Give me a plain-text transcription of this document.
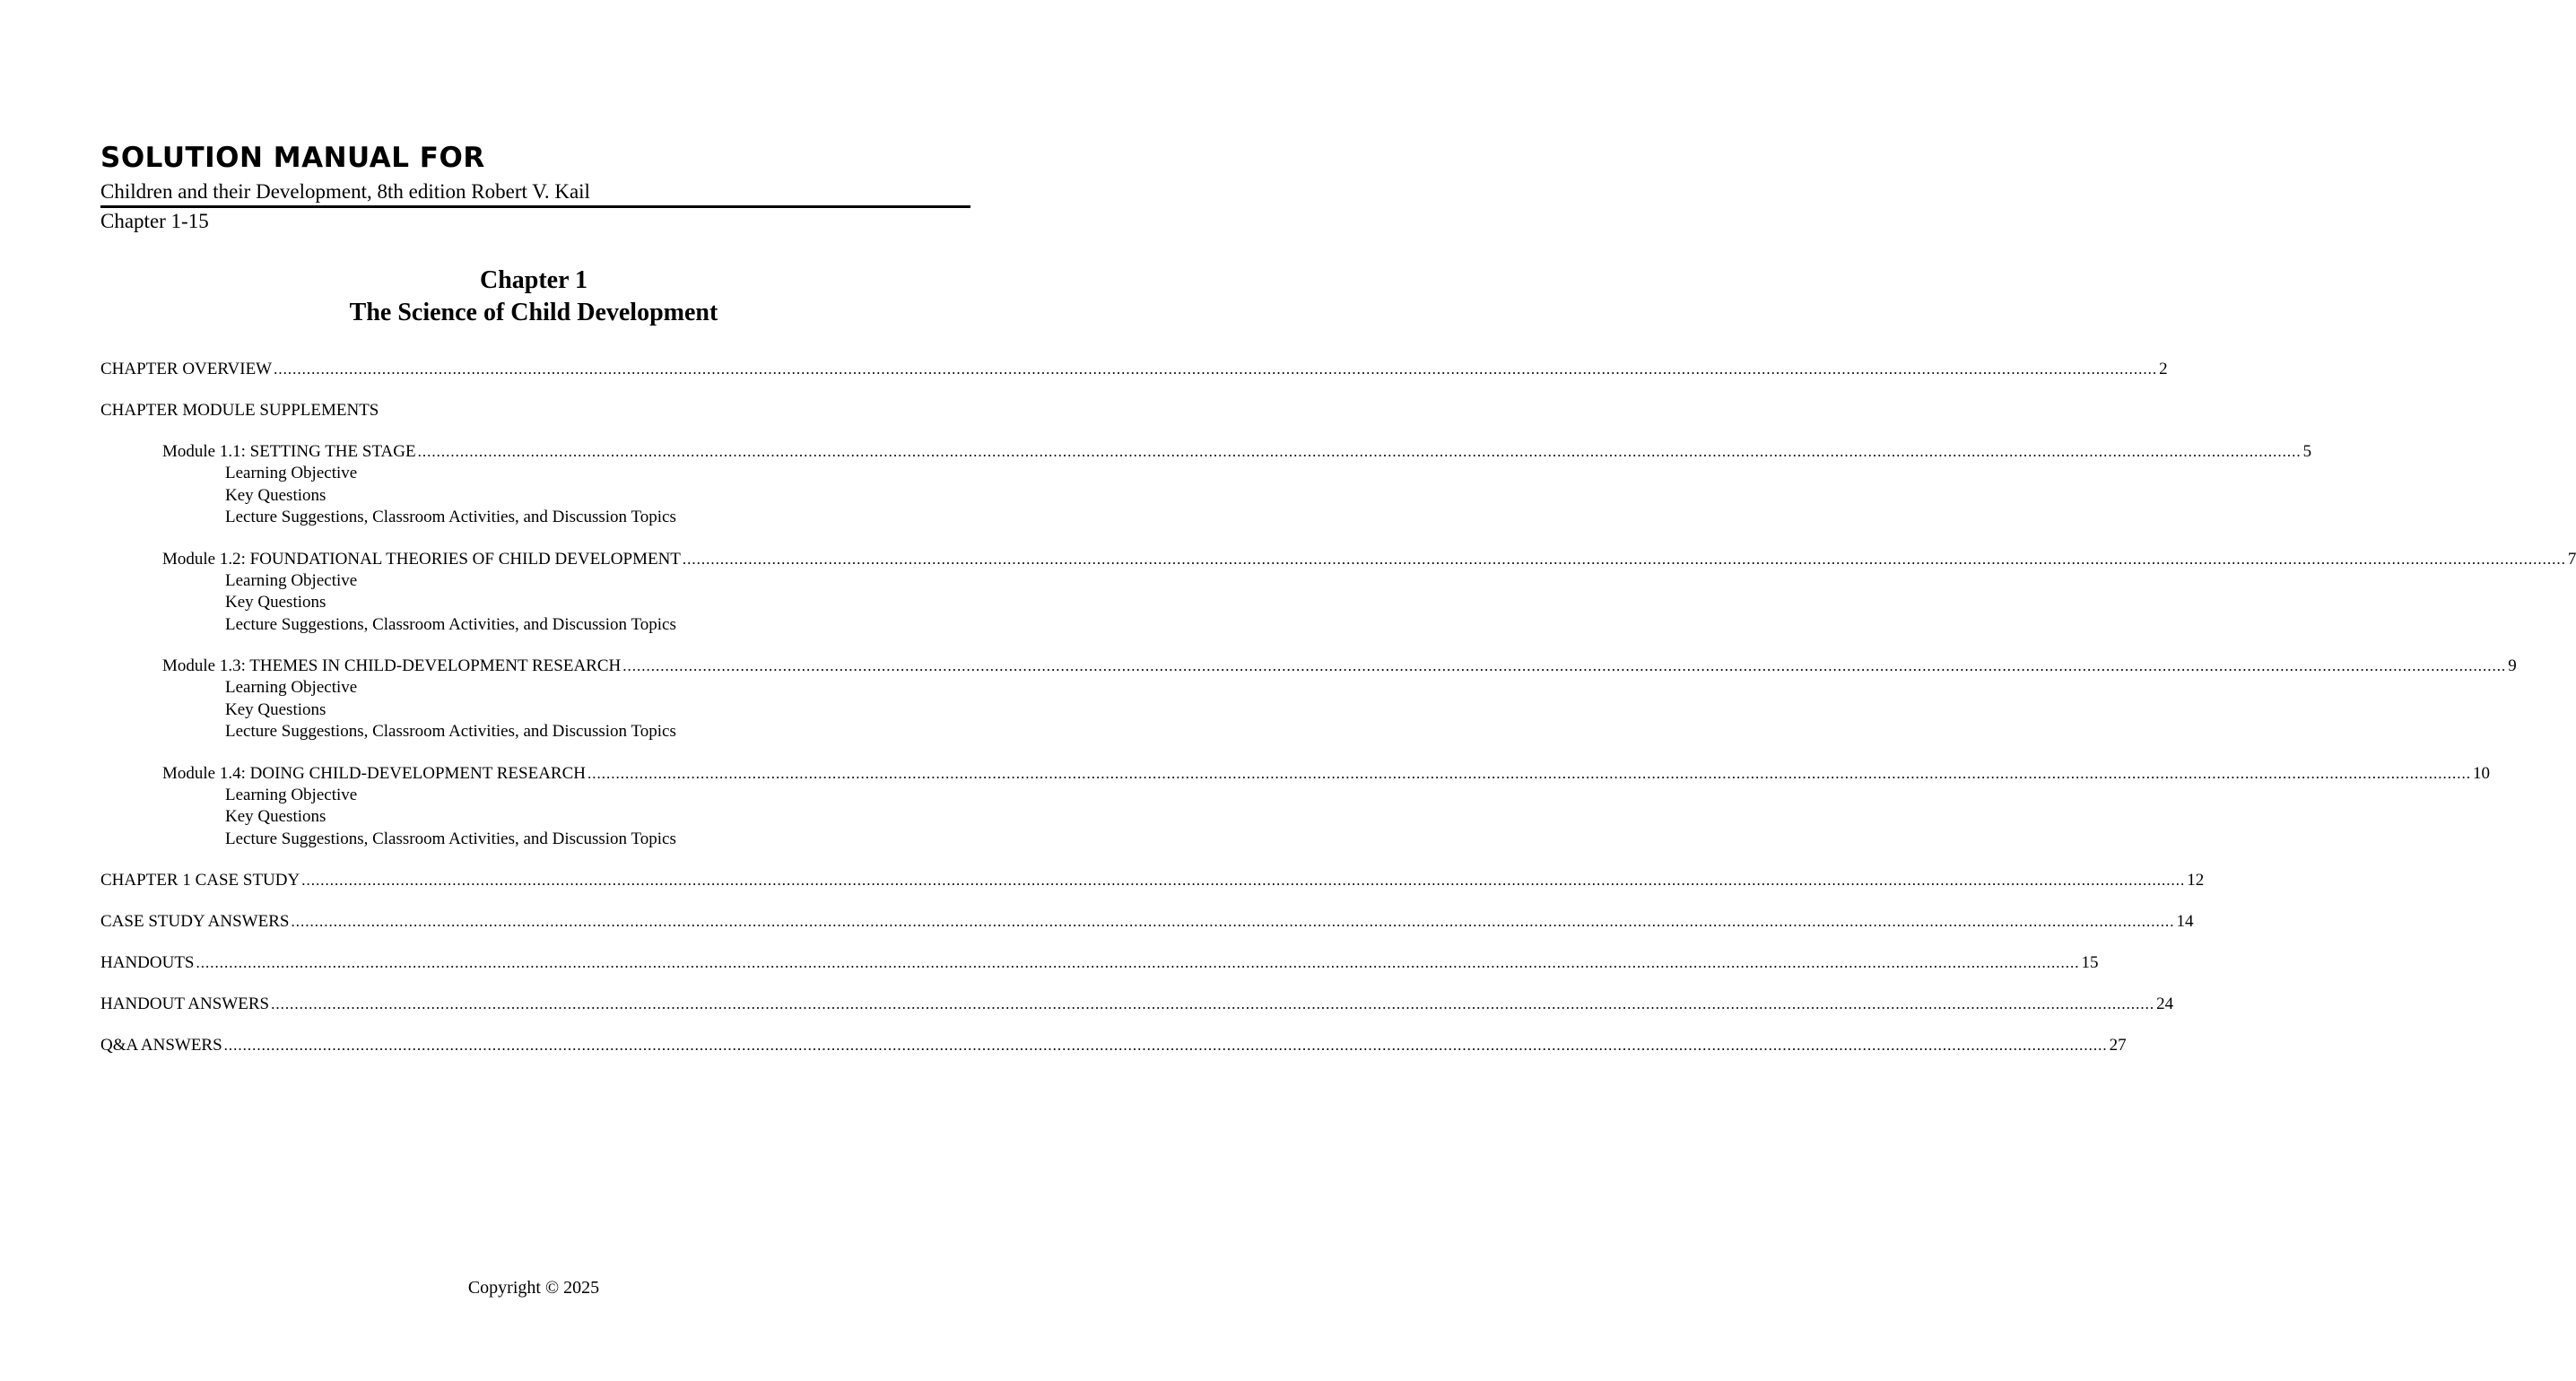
SOLUTION MANUAL FOR
Children and their Development, 8th edition Robert V. Kail
Chapter 1-15
Chapter 1
The Science of Child Development
CHAPTER OVERVIEW ................................................................................................................................................................................................................................................................................................................................................................................................................ 2
CHAPTER MODULE SUPPLEMENTS
Module 1.1: SETTING THE STAGE ................................................................................................................................................................................................................................................................................................................................................................................................................ 5
Learning Objective
Key Questions
Lecture Suggestions, Classroom Activities, and Discussion Topics
Module 1.2: FOUNDATIONAL THEORIES OF CHILD DEVELOPMENT ................................................................................................................................................................................................................................................................................................................................................................................................................ 7
Learning Objective
Key Questions
Lecture Suggestions, Classroom Activities, and Discussion Topics
Module 1.3: THEMES IN CHILD-DEVELOPMENT RESEARCH ................................................................................................................................................................................................................................................................................................................................................................................................................ 9
Learning Objective
Key Questions
Lecture Suggestions, Classroom Activities, and Discussion Topics
Module 1.4: DOING CHILD-DEVELOPMENT RESEARCH ................................................................................................................................................................................................................................................................................................................................................................................................................ 10
Learning Objective
Key Questions
Lecture Suggestions, Classroom Activities, and Discussion Topics
CHAPTER 1 CASE STUDY ................................................................................................................................................................................................................................................................................................................................................................................................................ 12
CASE STUDY ANSWERS ................................................................................................................................................................................................................................................................................................................................................................................................................ 14
HANDOUTS ................................................................................................................................................................................................................................................................................................................................................................................................................ 15
HANDOUT ANSWERS ................................................................................................................................................................................................................................................................................................................................................................................................................ 24
Q&A ANSWERS ................................................................................................................................................................................................................................................................................................................................................................................................................ 27
Copyright © 2025
